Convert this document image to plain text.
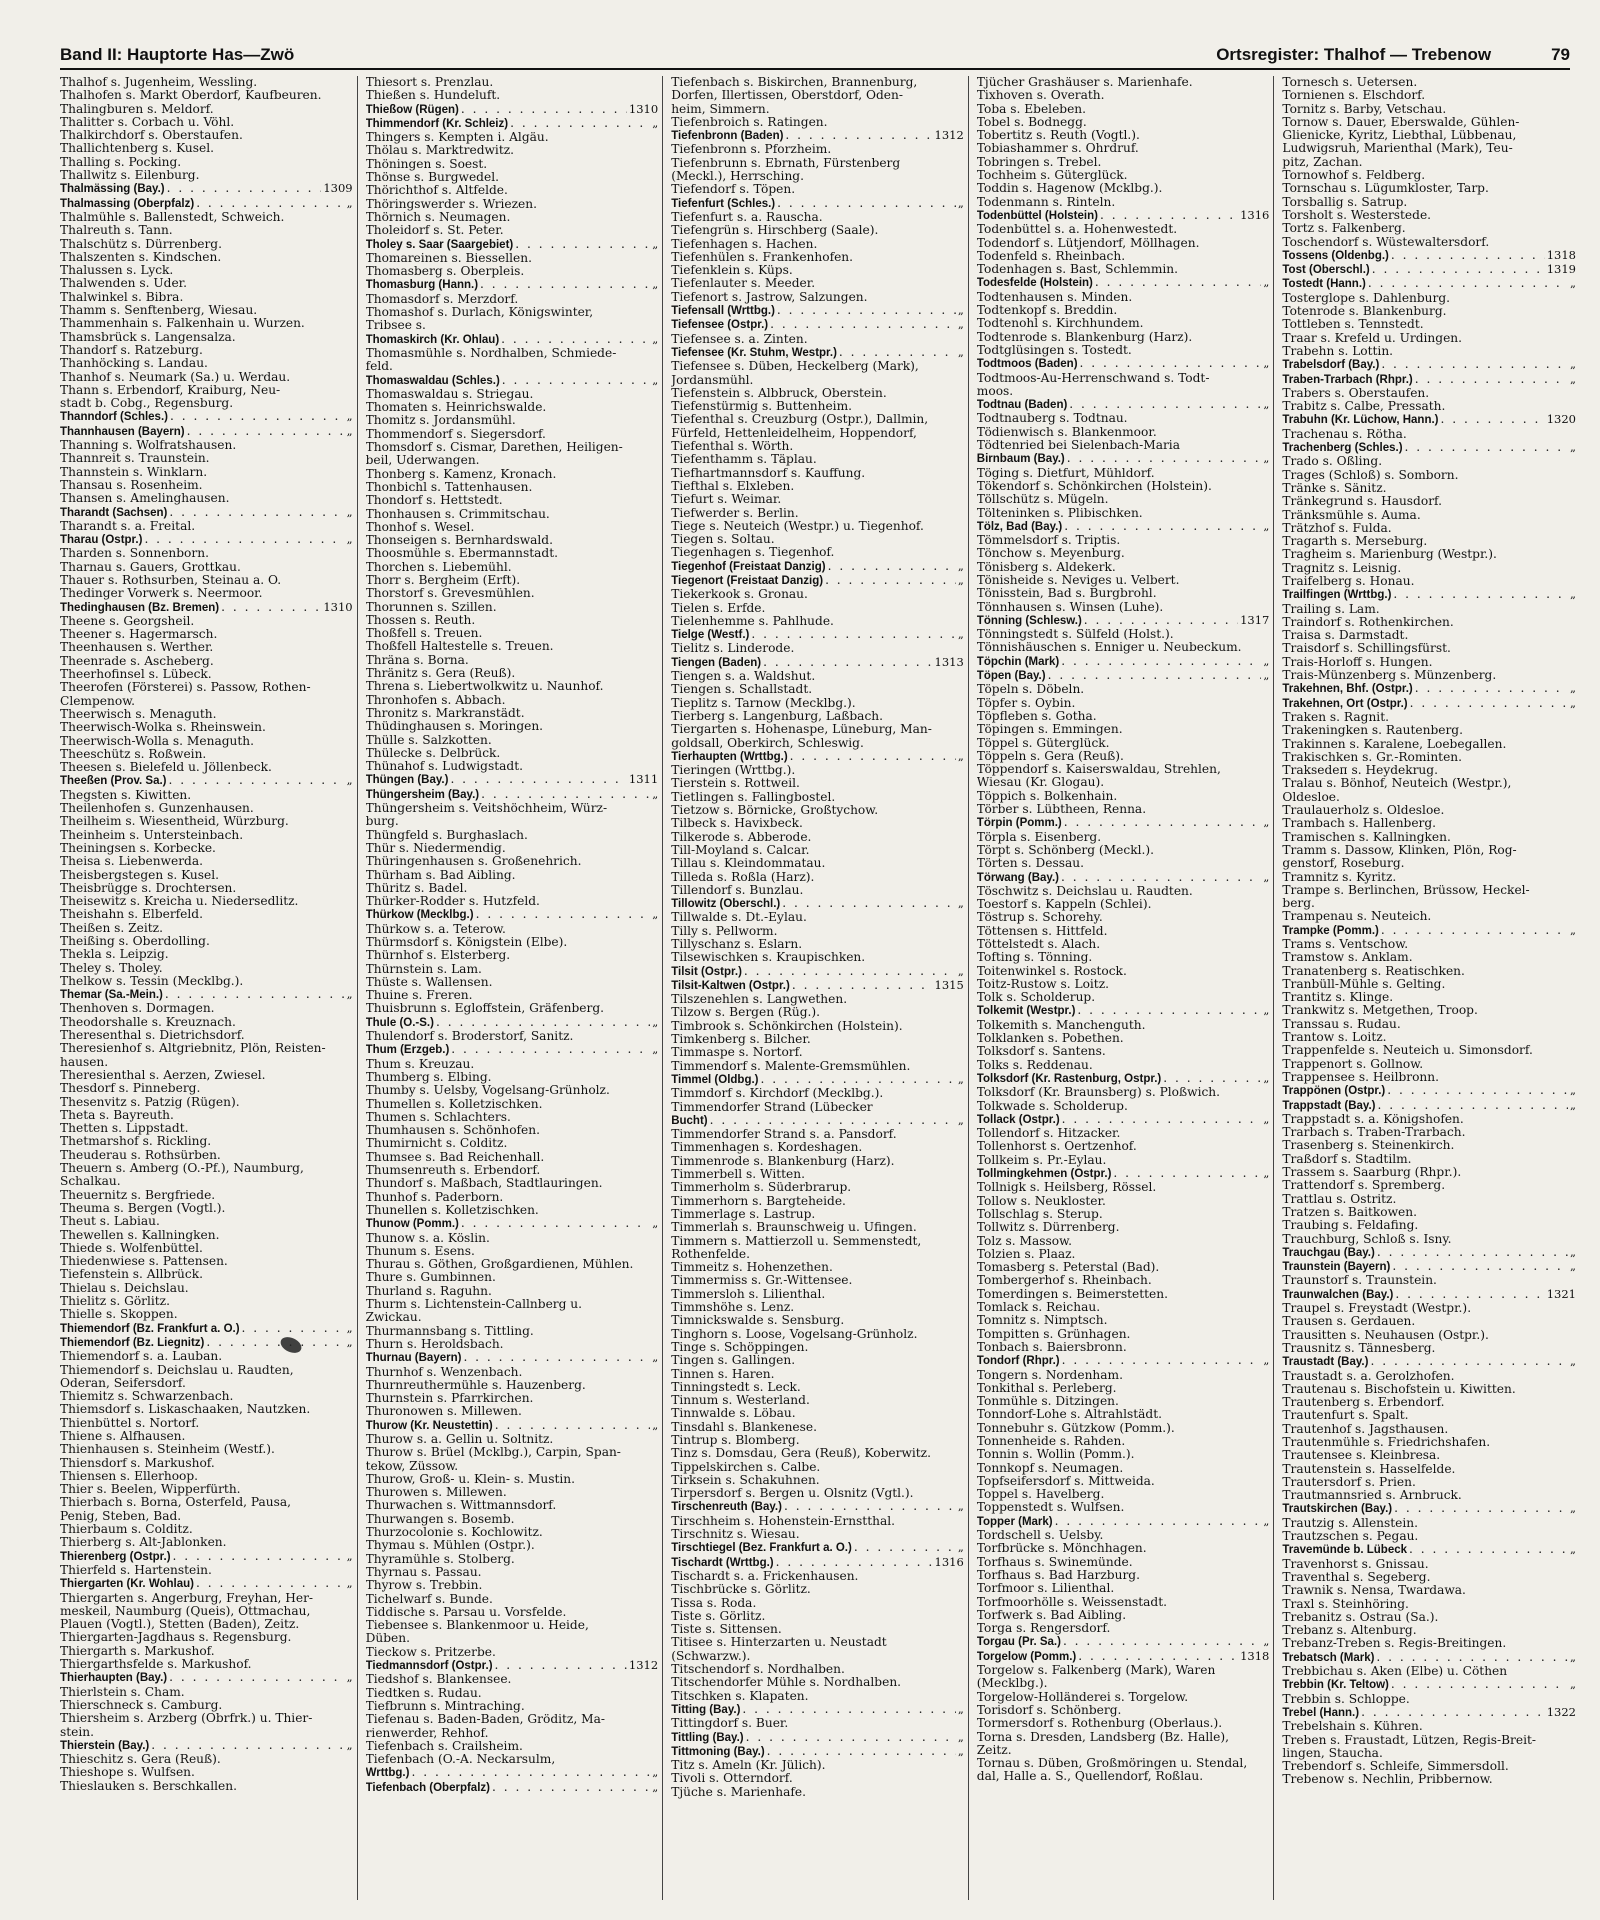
Band II: Hauptorte Has—Zwö	Ortsregister: Thalhof — Trebenow	79
Thalhof s. Jugenheim, Wessling.
Thalhofen s. Markt Oberdorf, Kaufbeuren.
Thalingburen s. Meldorf.
Thalitter s. Corbach u. Vöhl.
Thalkirchdorf s. Oberstaufen.
Thallichtenberg s. Kusel.
Thalling s. Pocking.
Thallwitz s. Eilenburg.
Thalmässing (Bay.) . . .	1309
Thalmassing (Oberpfalz) . . .	„
Thalmühle s. Ballenstedt, Schweich.
Thalreuth s. Tann.
Thalschütz s. Dürrenberg.
Thalszenten s. Kindschen.
Thalussen s. Lyck.
Thalwenden s. Uder.
Thalwinkel s. Bibra.
Thamm s. Senftenberg, Wiesau.
Thammenhain s. Falkenhain u. Wurzen.
Thamsbrück s. Langensalza.
Thandorf s. Ratzeburg.
Thanhöcking s. Landau.
Thanhof s. Neumark (Sa.) u. Werdau.
Thann s. Erbendorf, Kraiburg, Neu-
stadt b. Cobg., Regensburg.
Thanndorf (Schles.) . . .	„
Thannhausen (Bayern) . . .	„
Thanning s. Wolfratshausen.
Thannreit s. Traunstein.
Thannstein s. Winklarn.
Thansau s. Rosenheim.
Thansen s. Amelinghausen.
Tharandt (Sachsen) . . .	„
Tharandt s. a. Freital.
Tharau (Ostpr.) . . .	„
Tharden s. Sonnenborn.
Tharnau s. Gauers, Grottkau.
Thauer s. Rothsurben, Steinau a. O.
Thedinger Vorwerk s. Neermoor.
Thedinghausen (Bz. Bremen) . . .	1310
Theene s. Georgsheil.
Theener s. Hagermarsch.
Theenhausen s. Werther.
Theenrade s. Ascheberg.
Theerhofinsel s. Lübeck.
Theerofen (Försterei) s. Passow, Rothen-
Clempenow.
Theerwisch s. Menaguth.
Theerwisch-Wolka s. Rheinswein.
Theerwisch-Wolla s. Menaguth.
Theeschütz s. Roßwein.
Theesen s. Bielefeld u. Jöllenbeck.
Theeßen (Prov. Sa.) . . .	„
Thegsten s. Kiwitten.
Theilenhofen s. Gunzenhausen.
Theilheim s. Wiesentheid, Würzburg.
Theinheim s. Untersteinbach.
Theiningsen s. Korbecke.
Theisa s. Liebenwerda.
Theisbergstegen s. Kusel.
Theisbrügge s. Drochtersen.
Theisewitz s. Kreicha u. Niedersedlitz.
Theishahn s. Elberfeld.
Theißen s. Zeitz.
Theißing s. Oberdolling.
Thekla s. Leipzig.
Theley s. Tholey.
Thelkow s. Tessin (Mecklbg.).
Themar (Sa.-Mein.) . . .	„
Thenhoven s. Dormagen.
Theodorshalle s. Kreuznach.
Theresenthal s. Dietrichsdorf.
Theresienhof s. Altgriebnitz, Plön, Reisten-
hausen.
Theresienthal s. Aerzen, Zwiesel.
Thesdorf s. Pinneberg.
Thesenvitz s. Patzig (Rügen).
Theta s. Bayreuth.
Thetten s. Lippstadt.
Thetmarshof s. Rickling.
Theuderau s. Rothsürben.
Theuern s. Amberg (O.-Pf.), Naumburg,
Schalkau.
Theuernitz s. Bergfriede.
Theuma s. Bergen (Vogtl.).
Theut s. Labiau.
Thewellen s. Kallningken.
Thiede s. Wolfenbüttel.
Thiedenwiese s. Pattensen.
Tiefenstein s. Allbrück.
Thielau s. Deichslau.
Thielitz s. Görlitz.
Thielle s. Skoppen.
Thiemendorf (Bz. Frankfurt a. O.) . . .	„
Thiemendorf (Bz. Liegnitz) . . .	„
Thiemendorf s. a. Lauban.
Thiemendorf s. Deichslau u. Raudten,
Oderan, Seifersdorf.
Thiemitz s. Schwarzenbach.
Thiemsdorf s. Liskaschaaken, Nautzken.
Thienbüttel s. Nortorf.
Thiene s. Alfhausen.
Thienhausen s. Steinheim (Westf.).
Thiensdorf s. Markushof.
Thiensen s. Ellerhoop.
Thier s. Beelen, Wipperfürth.
Thierbach s. Borna, Osterfeld, Pausa,
Penig, Steben, Bad.
Thierbaum s. Colditz.
Thierberg s. Alt-Jablonken.
Thierenberg (Ostpr.) . . .	„
Thierfeld s. Hartenstein.
Thiergarten (Kr. Wohlau) . . .	„
Thiergarten s. Angerburg, Freyhan, Her-
meskeil, Naumburg (Queis), Ottmachau,
Plauen (Vogtl.), Stetten (Baden), Zeitz.
Thiergarten-Jagdhaus s. Regensburg.
Thiergarth s. Markushof.
Thiergarthsfelde s. Markushof.
Thierhaupten (Bay.) . . .	„
Thierlstein s. Cham.
Thierschneck s. Camburg.
Thiersheim s. Arzberg (Obrfrk.) u. Thier-
stein.
Thierstein (Bay.) . . .	„
Thieschitz s. Gera (Reuß).
Thieshope s. Wulfsen.
Thieslauken s. Berschkallen.
Thiesort s. Prenzlau.
Thießen s. Hundeluft.
Thießow (Rügen) . . .	1310
Thimmendorf (Kr. Schleiz) . . .	„
Thingers s. Kempten i. Algäu.
Thölau s. Marktredwitz.
Thöningen s. Soest.
Thönse s. Burgwedel.
Thörichthof s. Altfelde.
Thöringswerder s. Wriezen.
Thörnich s. Neumagen.
Tholeidorf s. St. Peter.
Tholey s. Saar (Saargebiet) . . .	„
Thomareinen s. Biessellen.
Thomasberg s. Oberpleis.
Thomasburg (Hann.) . . .	„
Thomasdorf s. Merzdorf.
Thomashof s. Durlach, Königswinter,
Tribsee s.
Thomaskirch (Kr. Ohlau) . . .	„
Thomasmühle s. Nordhalben, Schmiede-
feld.
Thomaswaldau (Schles.) . . .	„
Thomaswaldau s. Striegau.
Thomaten s. Heinrichswalde.
Thomitz s. Jordansmühl.
Thommendorf s. Siegersdorf.
Thomsdorf s. Cismar, Darethen, Heiligen-
beil, Uderwangen.
Thonberg s. Kamenz, Kronach.
Thonbichl s. Tattenhausen.
Thondorf s. Hettstedt.
Thonhausen s. Crimmitschau.
Thonhof s. Wesel.
Thonseigen s. Bernhardswald.
Thoosmühle s. Ebermannstadt.
Thorchen s. Liebemühl.
Thorr s. Bergheim (Erft).
Thorstorf s. Grevesmühlen.
Thorunnen s. Szillen.
Thossen s. Reuth.
Thoßfell s. Treuen.
Thoßfell Haltestelle s. Treuen.
Thräna s. Borna.
Thränitz s. Gera (Reuß).
Threna s. Liebertwolkwitz u. Naunhof.
Thronhofen s. Abbach.
Thronitz s. Markranstädt.
Thüdinghausen s. Moringen.
Thülle s. Salzkotten.
Thülecke s. Delbrück.
Thünahof s. Ludwigstadt.
Thüngen (Bay.) . . .	1311
Thüngersheim (Bay.) . . .	„
Thüngersheim s. Veitshöchheim, Würz-
burg.
Thüngfeld s. Burghaslach.
Thür s. Niedermendig.
Thüringenhausen s. Großenehrich.
Thürham s. Bad Aibling.
Thüritz s. Badel.
Thürker-Rodder s. Hutzfeld.
Thürkow (Mecklbg.) . . .	„
Thürkow s. a. Teterow.
Thürmsdorf s. Königstein (Elbe).
Thürnhof s. Elsterberg.
Thürnstein s. Lam.
Thüste s. Wallensen.
Thuine s. Freren.
Thuisbrunn s. Egloffstein, Gräfenberg.
Thule (O.-S.) . . .	„
Thulendorf s. Broderstorf, Sanitz.
Thum (Erzgeb.) . . .	„
Thum s. Kreuzau.
Thumberg s. Elbing.
Thumby s. Uelsby, Vogelsang-Grünholz.
Thumellen s. Kolletzischken.
Thumen s. Schlachters.
Thumhausen s. Schönhofen.
Thumirnicht s. Colditz.
Thumsee s. Bad Reichenhall.
Thumsenreuth s. Erbendorf.
Thundorf s. Maßbach, Stadtlauringen.
Thunhof s. Paderborn.
Thunellen s. Kolletzischken.
Thunow (Pomm.) . . .	„
Thunow s. a. Köslin.
Thunum s. Esens.
Thurau s. Göthen, Großgardienen, Mühlen.
Thure s. Gumbinnen.
Thurland s. Raguhn.
Thurm s. Lichtenstein-Callnberg u.
Zwickau.
Thurmannsbang s. Tittling.
Thurn s. Heroldsbach.
Thurnau (Bayern) . . .	„
Thurnhof s. Wenzenbach.
Thurnreuthermühle s. Hauzenberg.
Thurnstein s. Pfarrkirchen.
Thuronowen s. Millewen.
Thurow (Kr. Neustettin) . . .	„
Thurow s. a. Gellin u. Soltnitz.
Thurow s. Brüel (Mcklbg.), Carpin, Span-
tekow, Züssow.
Thurow, Groß- u. Klein- s. Mustin.
Thurowen s. Millewen.
Thurwachen s. Wittmannsdorf.
Thurwangen s. Bosemb.
Thurzocolonie s. Kochlowitz.
Thymau s. Mühlen (Ostpr.).
Thyramühle s. Stolberg.
Thyrnau s. Passau.
Thyrow s. Trebbin.
Tichelwarf s. Bunde.
Tiddische s. Parsau u. Vorsfelde.
Tiebensee s. Blankenmoor u. Heide,
Düben.
Tieckow s. Pritzerbe.
Tiedmannsdorf (Ostpr.) . . .	1312
Tiedshof s. Blankensee.
Tiedtken s. Rudau.
Tiefbrunn s. Mintraching.
Tiefenau s. Baden-Baden, Gröditz, Ma-
rienwerder, Rehhof.
Tiefenbach s. Crailsheim.
Tiefenbach (O.-A. Neckarsulm,
Wrttbg.) . . .	„
Tiefenbach (Oberpfalz) . . .	„
Tiefenbach s. Biskirchen, Brannenburg,
Dorfen, Illertissen, Oberstdorf, Oden-
heim, Simmern.
Tiefenbroich s. Ratingen.
Tiefenbronn (Baden) . . .	1312
Tiefenbronn s. Pforzheim.
Tiefenbrunn s. Ebrnath, Fürstenberg
(Meckl.), Herrsching.
Tiefendorf s. Töpen.
Tiefenfurt (Schles.) . . .	„
Tiefenfurt s. a. Rauscha.
Tiefengrün s. Hirschberg (Saale).
Tiefenhagen s. Hachen.
Tiefenhülen s. Frankenhofen.
Tiefenklein s. Küps.
Tiefenlauter s. Meeder.
Tiefenort s. Jastrow, Salzungen.
Tiefensall (Wrttbg.) . . .	„
Tiefensee (Ostpr.) . . .	„
Tiefensee s. a. Zinten.
Tiefensee (Kr. Stuhm, Westpr.) . . .	„
Tiefensee s. Düben, Heckelberg (Mark),
Jordansmühl.
Tiefenstein s. Albbruck, Oberstein.
Tiefenstürmig s. Buttenheim.
Tiefenthal s. Creuzburg (Ostpr.), Dallmin,
Fürfeld, Hettenleidelheim, Hoppendorf,
Tiefenthal s. Wörth.
Tiefenthamm s. Täplau.
Tiefhartmannsdorf s. Kauffung.
Tiefthal s. Elxleben.
Tiefurt s. Weimar.
Tiefwerder s. Berlin.
Tiege s. Neuteich (Westpr.) u. Tiegenhof.
Tiegen s. Soltau.
Tiegenhagen s. Tiegenhof.
Tiegenhof (Freistaat Danzig) . . .	„
Tiegenort (Freistaat Danzig) . . .	„
Tiekerkook s. Gronau.
Tielen s. Erfde.
Tielenhemme s. Pahlhude.
Tielge (Westf.) . . .	„
Tielitz s. Linderode.
Tiengen (Baden) . . .	1313
Tiengen s. a. Waldshut.
Tiengen s. Schallstadt.
Tieplitz s. Tarnow (Mecklbg.).
Tierberg s. Langenburg, Laßbach.
Tiergarten s. Hohenaspe, Lüneburg, Man-
goldsall, Oberkirch, Schleswig.
Tierhaupten (Wrttbg.) . . .	„
Tieringen (Wrttbg.).
Tierstein s. Rottweil.
Tietlingen s. Fallingbostel.
Tietzow s. Börnicke, Großtychow.
Tilbeck s. Havixbeck.
Tilkerode s. Abberode.
Till-Moyland s. Calcar.
Tillau s. Kleindommatau.
Tilleda s. Roßla (Harz).
Tillendorf s. Bunzlau.
Tillowitz (Oberschl.) . . .	„
Tillwalde s. Dt.-Eylau.
Tilly s. Pellworm.
Tillyschanz s. Eslarn.
Tilsewischken s. Kraupischken.
Tilsit (Ostpr.) . . .	„
Tilsit-Kaltwen (Ostpr.) . . .	1315
Tilszenehlen s. Langwethen.
Tilzow s. Bergen (Rüg.).
Timbrook s. Schönkirchen (Holstein).
Timkenberg s. Bilcher.
Timmaspe s. Nortorf.
Timmendorf s. Malente-Gremsmühlen.
Timmel (Oldbg.) . . .	„
Timmdorf s. Kirchdorf (Mecklbg.).
Timmendorfer Strand (Lübecker
Bucht) . . .	„
Timmendorfer Strand s. a. Pansdorf.
Timmenhagen s. Kordeshagen.
Timmenrode s. Blankenburg (Harz).
Timmerbell s. Witten.
Timmerholm s. Süderbrarup.
Timmerhorn s. Bargteheide.
Timmerlage s. Lastrup.
Timmerlah s. Braunschweig u. Ufingen.
Timmern s. Mattierzoll u. Semmenstedt,
Rothenfelde.
Timmeitz s. Hohenzethen.
Timmermiss s. Gr.-Wittensee.
Timmersloh s. Lilienthal.
Timmshöhe s. Lenz.
Timnickswalde s. Sensburg.
Tinghorn s. Loose, Vogelsang-Grünholz.
Tinge s. Schöppingen.
Tingen s. Gallingen.
Tinnen s. Haren.
Tinningstedt s. Leck.
Tinnum s. Westerland.
Tinnwalde s. Löbau.
Tinsdahl s. Blankenese.
Tintrup s. Blomberg.
Tinz s. Domsdau, Gera (Reuß), Koberwitz.
Tippelskirchen s. Calbe.
Tirksein s. Schakuhnen.
Tirpersdorf s. Bergen u. Ölsnitz (Vgtl.).
Tirschenreuth (Bay.) . . .	„
Tirschheim s. Hohenstein-Ernstthal.
Tirschnitz s. Wiesau.
Tirschtiegel (Bez. Frankfurt a. O.) . . .	„
Tischardt (Wrttbg.) . . .	1316
Tischardt s. a. Frickenhausen.
Tischbrücke s. Görlitz.
Tissa s. Roda.
Tiste s. Görlitz.
Tiste s. Sittensen.
Titisee s. Hinterzarten u. Neustadt
(Schwarzw.).
Titschendorf s. Nordhalben.
Titschendorfer Mühle s. Nordhalben.
Titschken s. Klapaten.
Titting (Bay.) . . .	„
Tittingdorf s. Buer.
Tittling (Bay.) . . .	„
Tittmoning (Bay.) . . .	„
Titz s. Ameln (Kr. Jülich).
Tivoli s. Otterndorf.
Tjüche s. Marienhafe.
Tjücher Grashäuser s. Marienhafe.
Tixhoven s. Overath.
Toba s. Ebeleben.
Tobel s. Bodnegg.
Tobertitz s. Reuth (Vogtl.).
Tobiashammer s. Ohrdruf.
Tobringen s. Trebel.
Tochheim s. Güterglück.
Toddin s. Hagenow (Mcklbg.).
Todenmann s. Rinteln.
Todenbüttel (Holstein) . . .	1316
Todenbüttel s. a. Hohenwestedt.
Todendorf s. Lütjendorf, Möllhagen.
Todenfeld s. Rheinbach.
Todenhagen s. Bast, Schlemmin.
Todesfelde (Holstein) . . .	„
Todtenhausen s. Minden.
Todtenkopf s. Breddin.
Todtenohl s. Kirchhundem.
Todtenrode s. Blankenburg (Harz).
Todtglüsingen s. Tostedt.
Todtmoos (Baden) . . .	„
Todtmoos-Au-Herrenschwand s. Todt-
moos.
Todtnau (Baden) . . .	„
Todtnauberg s. Todtnau.
Tödienwisch s. Blankenmoor.
Tödtenried bei Sielenbach-Maria
Birnbaum (Bay.) . . .	„
Töging s. Dietfurt, Mühldorf.
Tökendorf s. Schönkirchen (Holstein).
Töllschütz s. Mügeln.
Tölteninken s. Plibischken.
Tölz, Bad (Bay.) . . .	„
Tömmelsdorf s. Triptis.
Tönchow s. Meyenburg.
Tönisberg s. Aldekerk.
Tönisheide s. Neviges u. Velbert.
Tönisstein, Bad s. Burgbrohl.
Tönnhausen s. Winsen (Luhe).
Tönning (Schlesw.) . . .	1317
Tönningstedt s. Sülfeld (Holst.).
Tönnishäuschen s. Enniger u. Neubeckum.
Töpchin (Mark) . . .	„
Töpen (Bay.) . . .	„
Töpeln s. Döbeln.
Töpfer s. Oybin.
Töpfleben s. Gotha.
Töpingen s. Emmingen.
Töppel s. Güterglück.
Töppeln s. Gera (Reuß).
Töppendorf s. Kaiserswaldau, Strehlen,
Wiesau (Kr. Glogau).
Töppich s. Bolkenhain.
Törber s. Lübtheen, Renna.
Törpin (Pomm.) . . .	„
Törpla s. Eisenberg.
Törpt s. Schönberg (Meckl.).
Törten s. Dessau.
Törwang (Bay.) . . .	„
Töschwitz s. Deichslau u. Raudten.
Toestorf s. Kappeln (Schlei).
Töstrup s. Schorehy.
Töttensen s. Hittfeld.
Töttelstedt s. Alach.
Tofting s. Tönning.
Toitenwinkel s. Rostock.
Toitz-Rustow s. Loitz.
Tolk s. Scholderup.
Tolkemit (Westpr.) . . .	„
Tolkemith s. Manchenguth.
Tolklanken s. Pobethen.
Tolksdorf s. Santens.
Tolks s. Reddenau.
Tolksdorf (Kr. Rastenburg, Ostpr.) . . .	„
Tolksdorf (Kr. Braunsberg) s. Ploßwich.
Tolkwade s. Scholderup.
Tollack (Ostpr.) . . .	„
Tollendorf s. Hitzacker.
Tollenhorst s. Oertzenhof.
Tollkeim s. Pr.-Eylau.
Tollmingkehmen (Ostpr.) . . .	„
Tollnigk s. Heilsberg, Rössel.
Tollow s. Neukloster.
Tollschlag s. Sterup.
Tollwitz s. Dürrenberg.
Tolz s. Massow.
Tolzien s. Plaaz.
Tomasberg s. Peterstal (Bad).
Tombergerhof s. Rheinbach.
Tomerdingen s. Beimerstetten.
Tomlack s. Reichau.
Tomnitz s. Nimptsch.
Tompitten s. Grünhagen.
Tonbach s. Baiersbronn.
Tondorf (Rhpr.) . . .	„
Tongern s. Nordenham.
Tonkithal s. Perleberg.
Tonmühle s. Ditzingen.
Tonndorf-Lohe s. Altrahlstädt.
Tonnebuhr s. Gützkow (Pomm.).
Tonnenheide s. Rahden.
Tonnin s. Wollin (Pomm.).
Tonnkopf s. Neumagen.
Topfseifersdorf s. Mittweida.
Toppel s. Havelberg.
Toppenstedt s. Wulfsen.
Topper (Mark) . . .	„
Tordschell s. Uelsby.
Torfbrücke s. Mönchhagen.
Torfhaus s. Swinemünde.
Torfhaus s. Bad Harzburg.
Torfmoor s. Lilienthal.
Torfmoorhölle s. Weissenstadt.
Torfwerk s. Bad Aibling.
Torga s. Rengersdorf.
Torgau (Pr. Sa.) . . .	„
Torgelow (Pomm.) . . .	1318
Torgelow s. Falkenberg (Mark), Waren
(Mecklbg.).
Torgelow-Holländerei s. Torgelow.
Torisdorf s. Schönberg.
Tormersdorf s. Rothenburg (Oberlaus.).
Torna s. Dresden, Landsberg (Bz. Halle),
Zeitz.
Tornau s. Düben, Großmöringen u. Stendal,
dal, Halle a. S., Quellendorf, Roßlau.
Tornesch s. Uetersen.
Tornienen s. Elschdorf.
Tornitz s. Barby, Vetschau.
Tornow s. Dauer, Eberswalde, Gühlen-
Glienicke, Kyritz, Liebthal, Lübbenau,
Ludwigsruh, Marienthal (Mark), Teu-
pitz, Zachan.
Tornowhof s. Feldberg.
Tornschau s. Lügumkloster, Tarp.
Torsballig s. Satrup.
Torsholt s. Westerstede.
Tortz s. Falkenberg.
Toschendorf s. Wüstewaltersdorf.
Tossens (Oldenbg.) . . .	1318
Tost (Oberschl.) . . .	1319
Tostedt (Hann.) . . .	„
Tosterglope s. Dahlenburg.
Totenrode s. Blankenburg.
Tottleben s. Tennstedt.
Traar s. Krefeld u. Ürdingen.
Trabehn s. Lottin.
Trabelsdorf (Bay.) . . .	„
Traben-Trarbach (Rhpr.) . . .	„
Trabers s. Oberstaufen.
Trabitz s. Calbe, Pressath.
Trabuhn (Kr. Lüchow, Hann.) . . .	1320
Trachenau s. Rötha.
Trachenberg (Schles.) . . .	„
Trado s. Oßling.
Trages (Schloß) s. Somborn.
Tränke s. Sänitz.
Tränkegrund s. Hausdorf.
Tränksmühle s. Auma.
Trätzhof s. Fulda.
Tragarth s. Merseburg.
Tragheim s. Marienburg (Westpr.).
Tragnitz s. Leisnig.
Traifelberg s. Honau.
Trailfingen (Wrttbg.) . . .	„
Trailing s. Lam.
Traindorf s. Rothenkirchen.
Traisa s. Darmstadt.
Traisdorf s. Schillingsfürst.
Trais-Horloff s. Hungen.
Trais-Münzenberg s. Münzenberg.
Trakehnen, Bhf. (Ostpr.) . . .	„
Trakehnen, Ort (Ostpr.) . . .	„
Traken s. Ragnit.
Trakeningken s. Rautenberg.
Trakinnen s. Karalene, Loebegallen.
Trakischken s. Gr.-Rominten.
Traksedeп s. Heydekrug.
Tralau s. Bönhof, Neuteich (Westpr.),
Oldesloe.
Traulauerholz s. Oldesloe.
Trambach s. Hallenberg.
Tramischen s. Kallningken.
Tramm s. Dassow, Klinken, Plön, Rog-
genstorf, Roseburg.
Tramnitz s. Kyritz.
Trampe s. Berlinchen, Brüssow, Heckel-
berg.
Trampenau s. Neuteich.
Trampke (Pomm.) . . .	„
Trams s. Ventschow.
Tramstow s. Anklam.
Tranatenberg s. Reatischken.
Tranbüll-Mühle s. Gelting.
Trantitz s. Klinge.
Trankwitz s. Metgethen, Troop.
Transsau s. Rudau.
Trantow s. Loitz.
Trappenfelde s. Neuteich u. Simonsdorf.
Trappenort s. Gollnow.
Trappensee s. Heilbronn.
Trappönen (Ostpr.) . . .	„
Trappstadt (Bay.) . . .	„
Trappstadt s. a. Königshofen.
Trarbach s. Traben-Trarbach.
Trasenberg s. Steinenkirch.
Traßdorf s. Stadtilm.
Trassem s. Saarburg (Rhpr.).
Trattendorf s. Spremberg.
Trattlau s. Ostritz.
Tratzen s. Baitkowen.
Traubing s. Feldafing.
Trauchburg, Schloß s. Isny.
Trauchgau (Bay.) . . .	„
Traunstein (Bayern) . . .	„
Traunstorf s. Traunstein.
Traunwalchen (Bay.) . . .	1321
Traupel s. Freystadt (Westpr.).
Trausen s. Gerdauen.
Trausitten s. Neuhausen (Ostpr.).
Trausnitz s. Tännesberg.
Traustadt (Bay.) . . .	„
Traustadt s. a. Gerolzhofen.
Trautenau s. Bischofstein u. Kiwitten.
Trautenberg s. Erbendorf.
Trautenfurt s. Spalt.
Trautenhof s. Jagsthausen.
Trautenmühle s. Friedrichshafen.
Trautensee s. Kleinbresa.
Trautenstein s. Hasselfelde.
Trautersdorf s. Prien.
Trautmannsried s. Arnbruck.
Trautskirchen (Bay.) . . .	„
Trautzig s. Allenstein.
Trautzschen s. Pegau.
Travemünde b. Lübeck . . .	„
Travenhorst s. Gnissau.
Traventhal s. Segeberg.
Trawnik s. Nensa, Twardawa.
Traxl s. Steinhöring.
Trebanitz s. Ostrau (Sa.).
Trebanz s. Altenburg.
Trebanz-Treben s. Regis-Breitingen.
Trebatsch (Mark) . . .	„
Trebbichau s. Aken (Elbe) u. Cöthen
Trebbin (Kr. Teltow) . . .	„
Trebbin s. Schloppe.
Trebel (Hann.) . . .	1322
Trebelshain s. Kühren.
Treben s. Fraustadt, Lützen, Regis-Breit-
lingen, Staucha.
Trebendorf s. Schleife, Simmersdoll.
Trebenow s. Nechlin, Pribbernow.
